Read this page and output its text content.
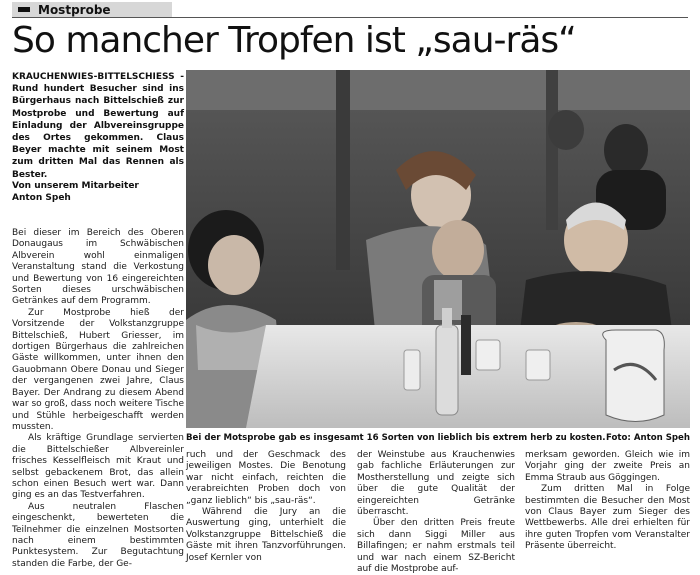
Mostprobe
So mancher Tropfen ist „sau-räs“
KRAUCHENWIES-BITTELSCHIESS - Rund hundert Besucher sind ins Bürgerhaus nach Bittelschieß zur Mostprobe und Bewertung auf Einladung der Albvereinsgruppe des Ortes gekommen. Claus Beyer machte mit seinem Most zum dritten Mal das Rennen als Bester.
Von unserem Mitarbeiter
Anton Speh

Bei dieser im Bereich des Oberen Donaugaus im Schwäbischen Albverein wohl einmaligen Veranstaltung stand die Verkostung und Bewertung von 16 eingereichten Sorten dieses urschwäbischen Getränkes auf dem Programm.

Zur Mostprobe hieß der Vorsitzende der Volkstanzgruppe Bittelschieß, Hubert Griesser, im dortigen Bürgerhaus die zahlreichen Gäste willkommen, unter ihnen den Gauobmann Obere Donau und Sieger der vergangenen zwei Jahre, Claus Bayer. Der Andrang zu diesem Abend war so groß, dass noch weitere Tische und Stühle herbeigeschafft werden mussten.

Als kräftige Grundlage servierten die Bittelschießer Albvereinler frisches Kesselfleisch mit Kraut und selbst gebackenem Brot, das allein schon einen Besuch wert war. Dann ging es an das Testverfahren.

Aus neutralen Flaschen eingeschenkt, bewerteten die Teilnehmer die einzelnen Mostsorten nach einem bestimmten Punktesystem. Zur Begutachtung standen die Farbe, der Ge-

Bei der Motsprobe gab es insgesamt 16 Sorten von lieblich bis extrem herb zu kosten. Foto: Anton Speh

ruch und der Geschmack des jeweiligen Mostes. Die Benotung war nicht einfach, reichten die verabreichten Proben doch von „ganz lieblich“ bis „sau-räs“.

Während die Jury an die Auswertung ging, unterhielt die Volkstanzgruppe Bittelschieß die Gäste mit ihren Tanzvorführungen. Josef Kernler von

der Weinstube aus Krauchenwies gab fachliche Erläuterungen zur Mostherstellung und zeigte sich über die gute Qualität der eingereichten Getränke überrascht.

Über den dritten Preis freute sich dann Siggi Miller aus Billafingen; er nahm erstmals teil und war nach einem SZ-Bericht auf die Mostprobe auf-

merksam geworden. Gleich wie im Vorjahr ging der zweite Preis an Emma Straub aus Göggingen.

Zum dritten Mal in Folge bestimmten die Besucher den Most von Claus Bayer zum Sieger des Wettbewerbs. Alle drei erhielten für ihre guten Tropfen vom Veranstalter Präsente überreicht.
